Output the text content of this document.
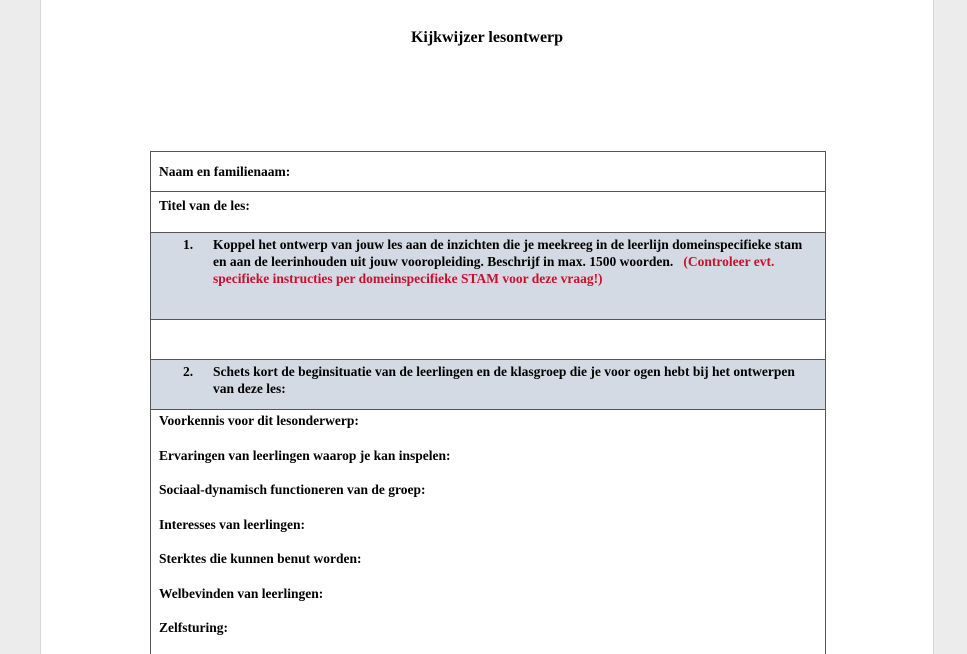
Kijkwijzer lesontwerp
Naam en familienaam:
Titel van de les:
1.	Koppel het ontwerp van jouw les aan de inzichten die je meekreeg in de leerlijn domeinspecifieke stam en aan de leerinhouden uit jouw vooropleiding. Beschrijf in max. 1500 woorden. (Controleer evt. specifieke instructies per domeinspecifieke STAM voor deze vraag!)
2.	Schets kort de beginsituatie van de leerlingen en de klasgroep die je voor ogen hebt bij het ontwerpen van deze les:
Voorkennis voor dit lesonderwerp:
Ervaringen van leerlingen waarop je kan inspelen:
Sociaal-dynamisch functioneren van de groep:
Interesses van leerlingen:
Sterktes die kunnen benut worden:
Welbevinden van leerlingen:
Zelfsturing:
